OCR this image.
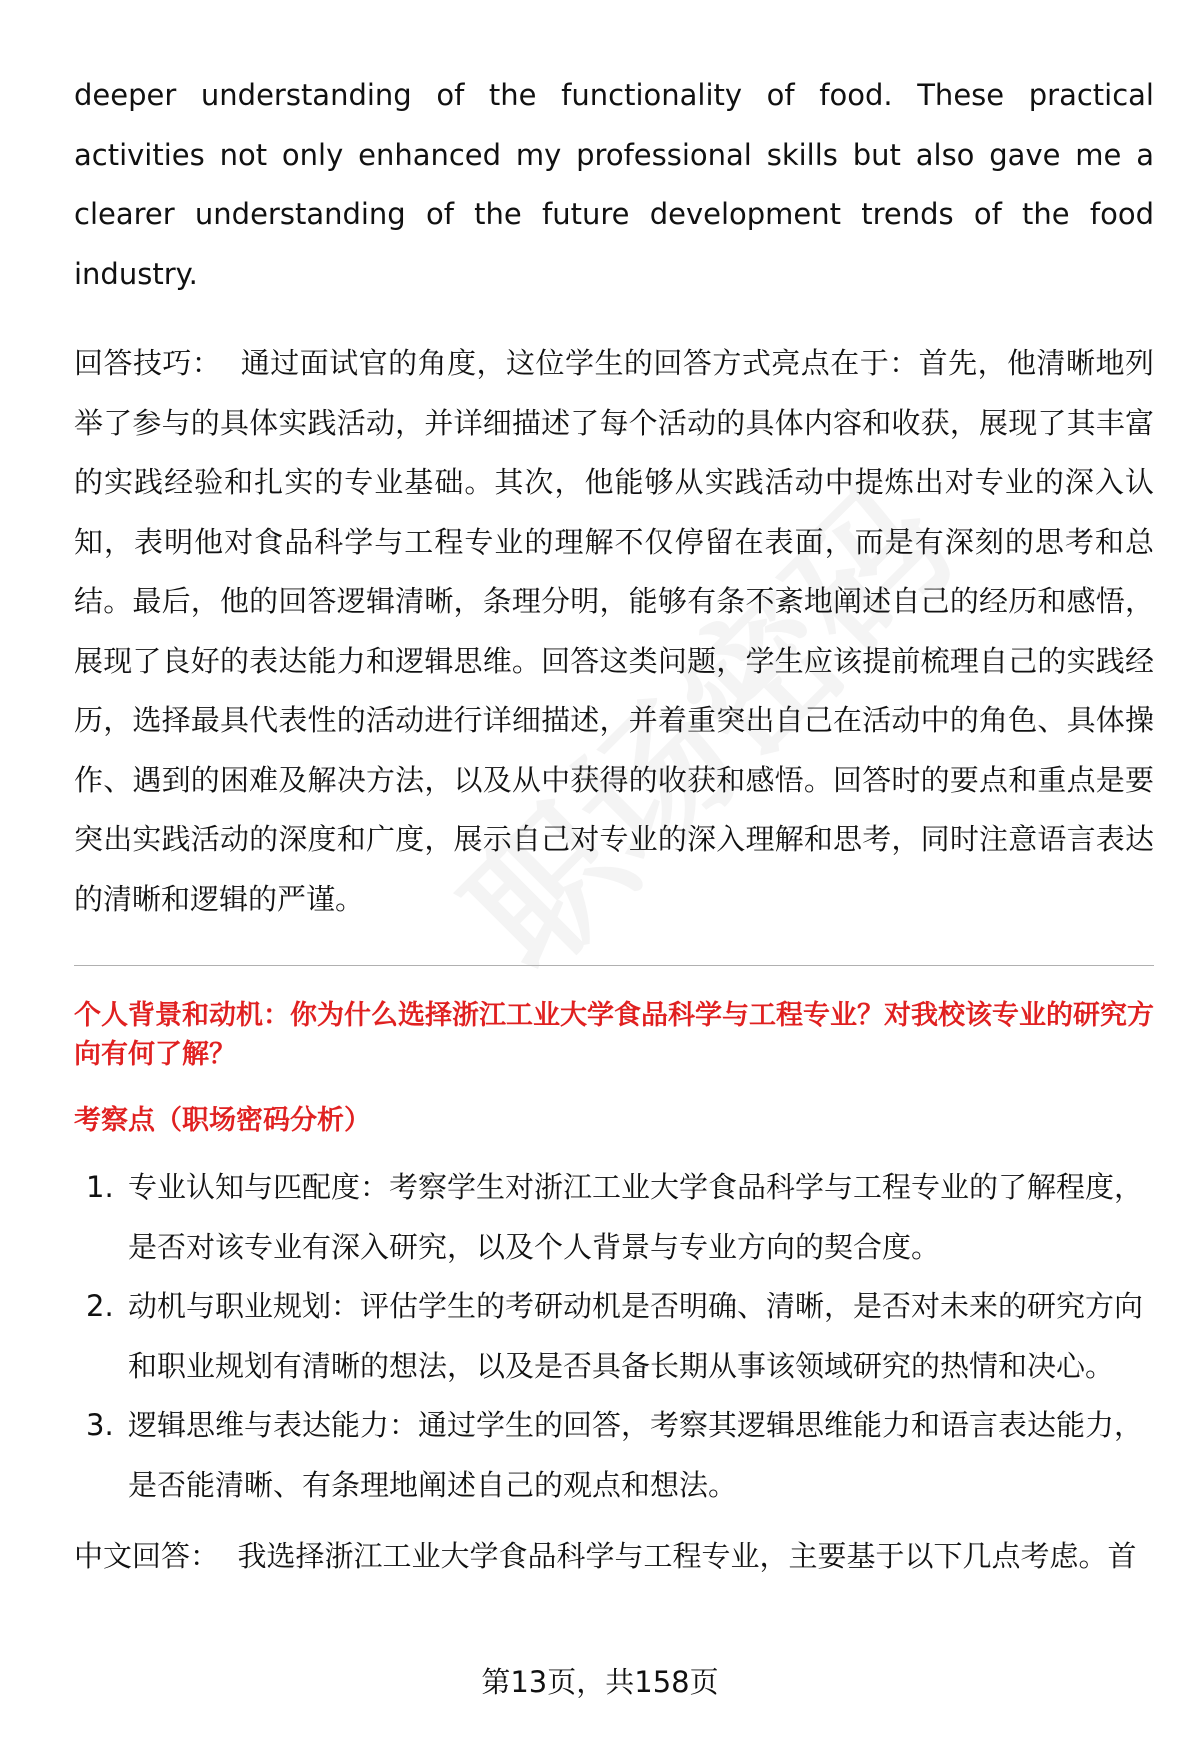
deeper understanding of the functionality of food. These practical activities not only enhanced my professional skills but also gave me a clearer understanding of the future development trends of the food industry.

回答技巧： 通过面试官的角度，这位学生的回答方式亮点在于：首先，他清晰地列举了参与的具体实践活动，并详细描述了每个活动的具体内容和收获，展现了其丰富的实践经验和扎实的专业基础。其次，他能够从实践活动中提炼出对专业的深入认知，表明他对食品科学与工程专业的理解不仅停留在表面，而是有深刻的思考和总结。最后，他的回答逻辑清晰，条理分明，能够有条不紊地阐述自己的经历和感悟，展现了良好的表达能力和逻辑思维。回答这类问题，学生应该提前梳理自己的实践经历，选择最具代表性的活动进行详细描述，并着重突出自己在活动中的角色、具体操作、遇到的困难及解决方法，以及从中获得的收获和感悟。回答时的要点和重点是要突出实践活动的深度和广度，展示自己对专业的深入理解和思考，同时注意语言表达的清晰和逻辑的严谨。

个人背景和动机：你为什么选择浙江工业大学食品科学与工程专业？对我校该专业的研究方向有何了解？

考察点（职场密码分析）

1. 专业认知与匹配度：考察学生对浙江工业大学食品科学与工程专业的了解程度，是否对该专业有深入研究，以及个人背景与专业方向的契合度。
2. 动机与职业规划：评估学生的考研动机是否明确、清晰，是否对未来的研究方向和职业规划有清晰的想法，以及是否具备长期从事该领域研究的热情和决心。
3. 逻辑思维与表达能力：通过学生的回答，考察其逻辑思维能力和语言表达能力，是否能清晰、有条理地阐述自己的观点和想法。

中文回答： 我选择浙江工业大学食品科学与工程专业，主要基于以下几点考虑。首

第13页，共158页
